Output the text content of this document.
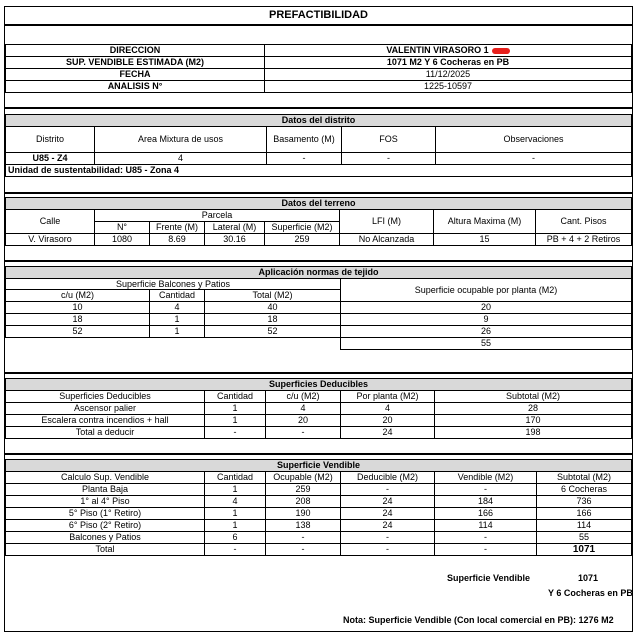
PREFACTIBILIDAD
DIRECCION	VALENTIN VIRASORO 1
SUP. VENDIBLE ESTIMADA (M2)	1071 M2 Y 6 Cocheras en PB
FECHA	11/12/2025
ANALISIS N°	1225-10597
Datos del distrito				
Distrito	Area Mixtura de usos	Basamento (M)	FOS	Observaciones
U85 - Z4	4	-	-	-
Unidad de sustentabilidad: U85 - Zona 4				
Datos del terreno							
Calle	Parcela				LFI (M)	Altura Maxima (M)	Cant. Pisos
	N°	Frente (M)	Lateral (M)	Superficie (M2)			
V. Virasoro	1080	8.69	30.16	259	No Alcanzada	15	PB + 4 + 2 Retiros
Aplicación normas de tejido			
Superficie Balcones y Patios			Superficie ocupable por planta (M2)
c/u (M2)	Cantidad	Total (M2)	
10	4	40	20
18	1	18	9
52	1	52	26
			55
Superficies Deducibles				
Superficies Deducibles	Cantidad	c/u (M2)	Por planta (M2)	Subtotal (M2)
Ascensor palier	1	4	4	28
Escalera contra incendios + hall	1	20	20	170
Total a deducir	-	-	24	198
Superficie Vendible					
Calculo Sup. Vendible	Cantidad	Ocupable (M2)	Deducible (M2)	Vendible (M2)	Subtotal (M2)
Planta Baja	1	259	-	-	6 Cocheras
1° al 4° Piso	4	208	24	184	736
5° Piso (1° Retiro)	1	190	24	166	166
6° Piso (2° Retiro)	1	138	24	114	114
Balcones y Patios	6	-	-	-	55
Total	-	-	-	-	1071
Superficie Vendible	1071
Y 6 Cocheras en PB
Nota: Superficie Vendible (Con local comercial en PB): 1276 M2
